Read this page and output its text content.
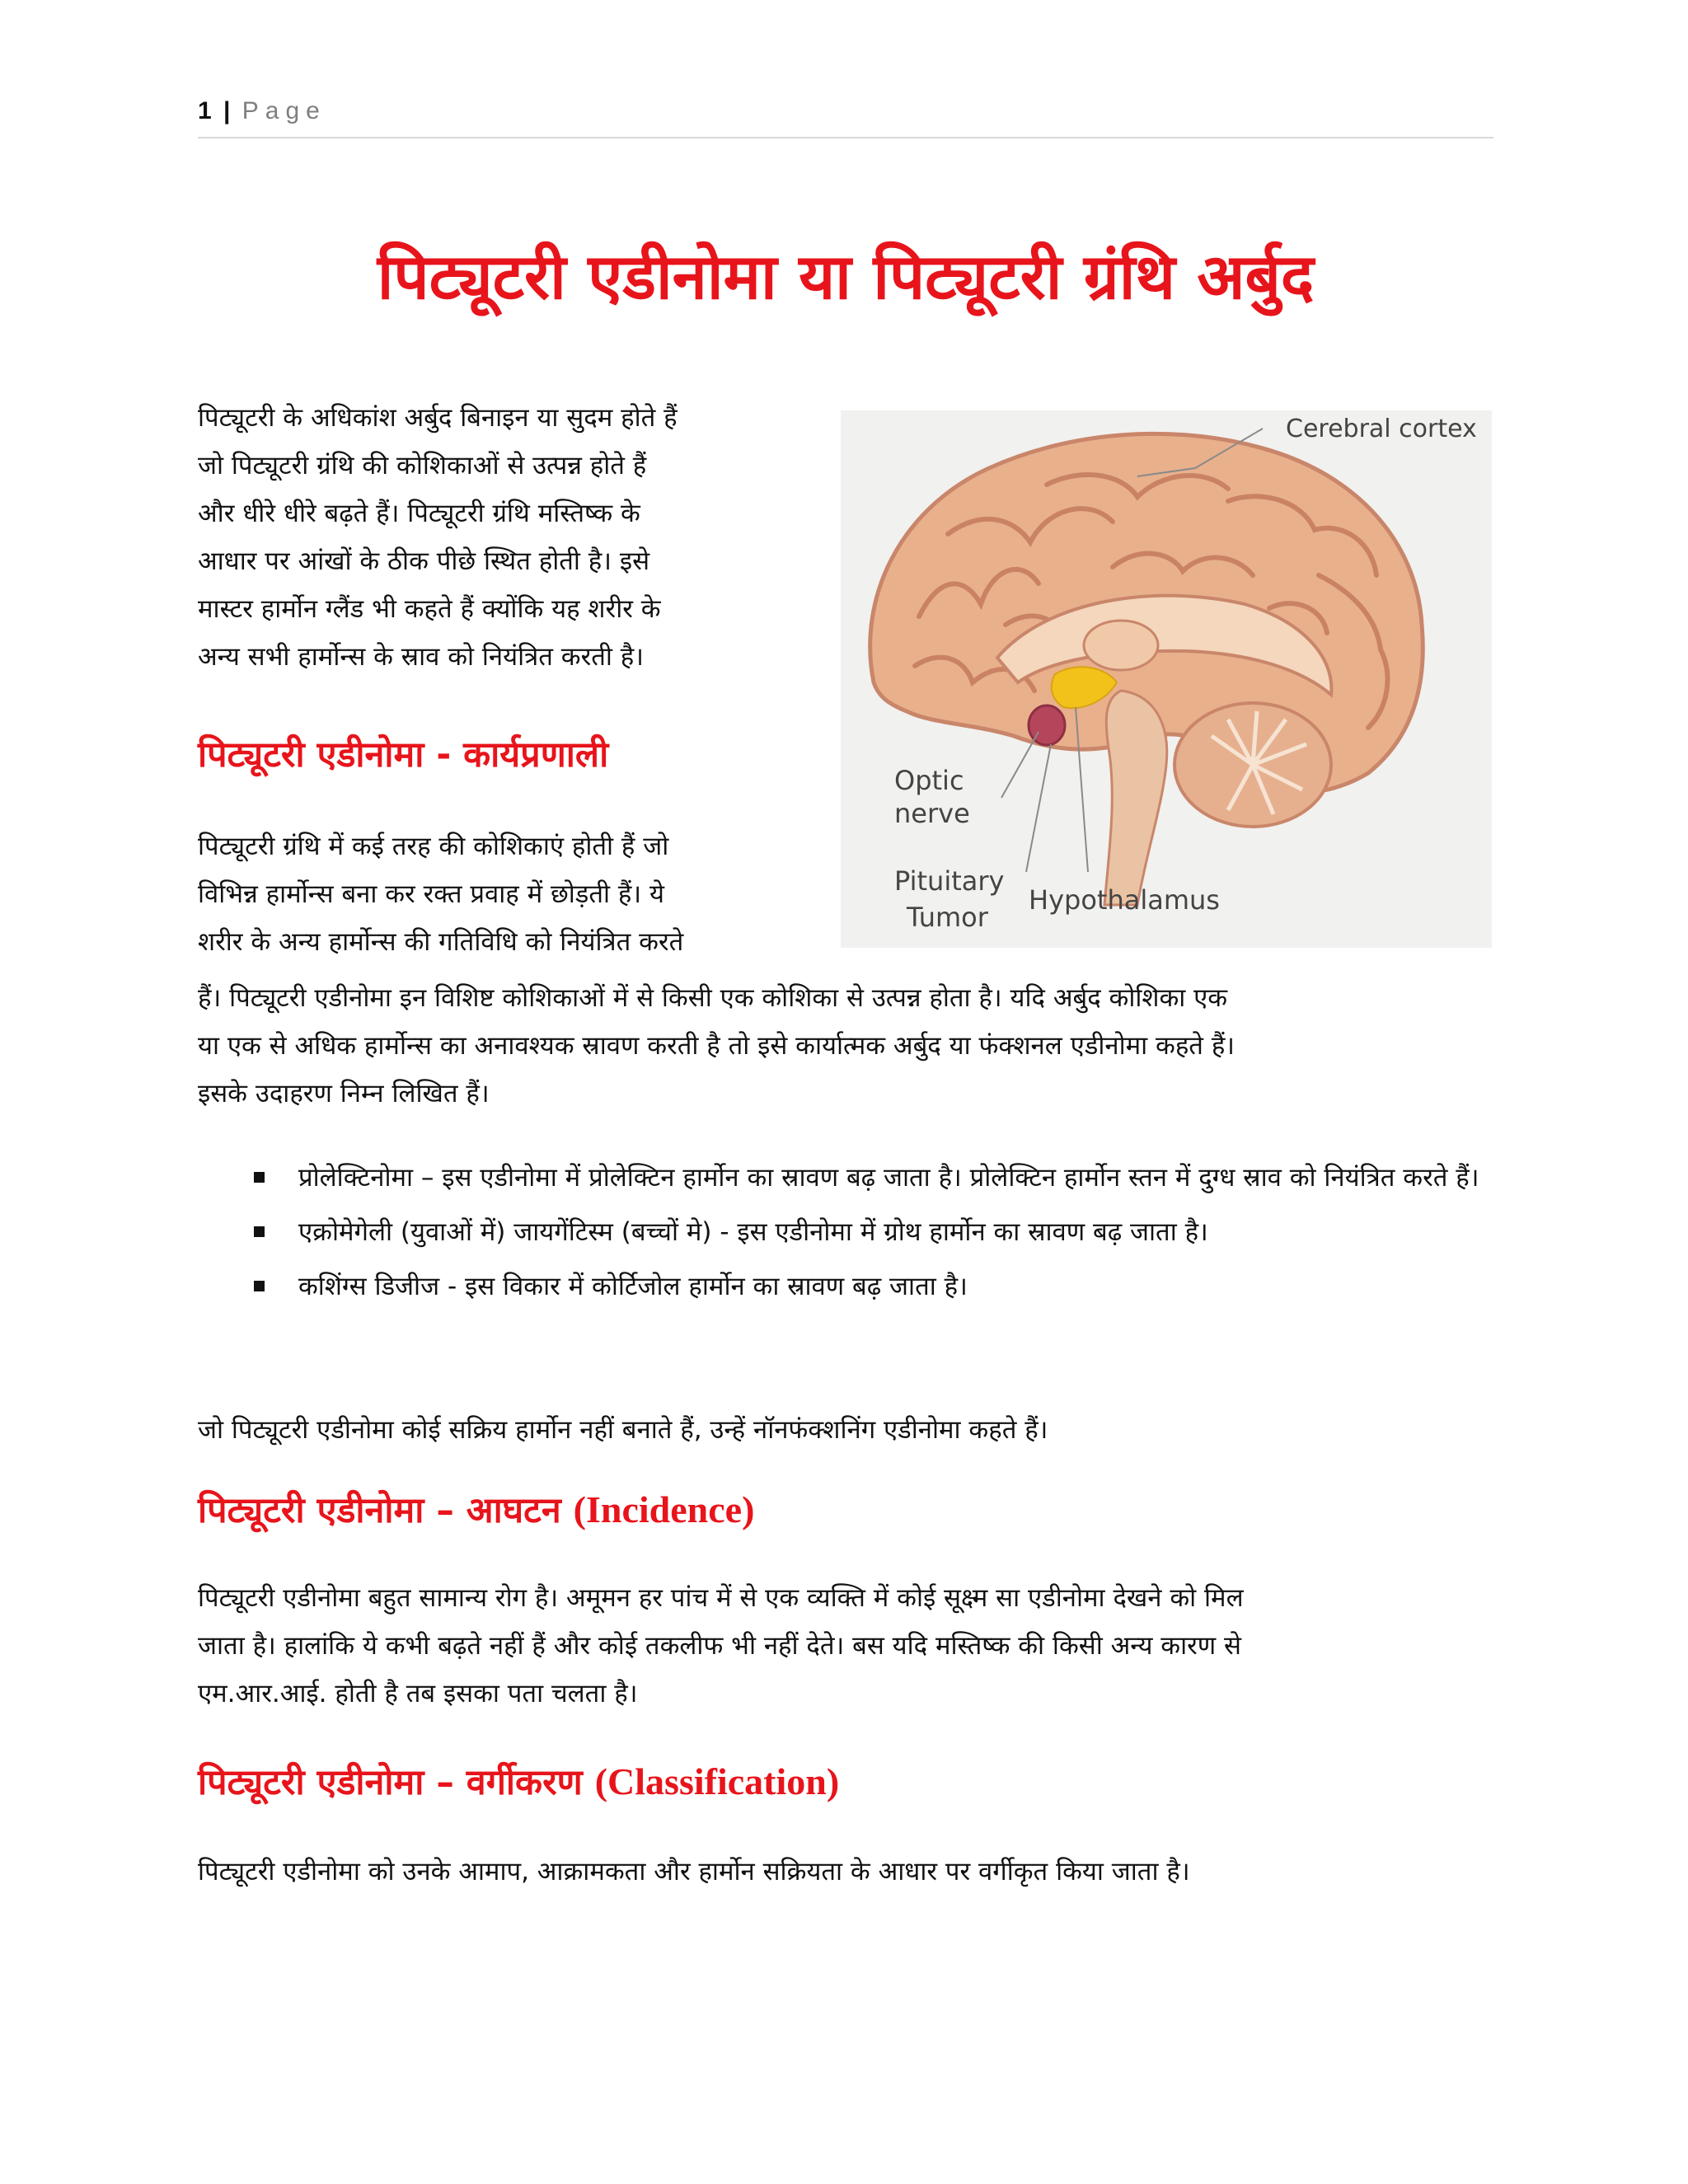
1 | Page
पिट्यूटरी एडीनोमा या पिट्यूटरी ग्रंथि अर्बुद
पिट्यूटरी के अधिकांश अर्बुद बिनाइन या सुदम होते हैं
जो पिट्यूटरी ग्रंथि की कोशिकाओं से उत्पन्न होते हैं
और धीरे धीरे बढ़ते हैं। पिट्यूटरी ग्रंथि मस्तिष्क के
आधार पर आंखों के ठीक पीछे स्थित होती है। इसे
मास्टर हार्मोन ग्लैंड भी कहते हैं क्योंकि यह शरीर के
अन्य सभी हार्मोन्स के स्राव को नियंत्रित करती है।
पिट्यूटरी एडीनोमा - कार्यप्रणाली
पिट्यूटरी ग्रंथि में कई तरह की कोशिकाएं होती हैं जो
विभिन्न हार्मोन्स बना कर रक्त प्रवाह में छोड़ती हैं। ये
शरीर के अन्य हार्मोन्स की गतिविधि को नियंत्रित करते
हैं। पिट्यूटरी एडीनोमा इन विशिष्ट कोशिकाओं में से किसी एक कोशिका से उत्पन्न होता है। यदि अर्बुद कोशिका एक
या एक से अधिक हार्मोन्स का अनावश्यक स्रावण करती है तो इसे कार्यात्मक अर्बुद या फंक्शनल एडीनोमा कहते हैं।
इसके उदाहरण निम्न लिखित हैं।
प्रोलेक्टिनोमा – इस एडीनोमा में प्रोलेक्टिन हार्मोन का स्रावण बढ़ जाता है। प्रोलेक्टिन हार्मोन स्तन में दुग्ध स्राव को नियंत्रित करते हैं।
एक्रोमेगेली (युवाओं में) जायगेंटिस्म (बच्चों मे) - इस एडीनोमा में ग्रोथ हार्मोन का स्रावण बढ़ जाता है।
कशिंग्स डिजीज - इस विकार में कोर्टिजोल हार्मोन का स्रावण बढ़ जाता है।
जो पिट्यूटरी एडीनोमा कोई सक्रिय हार्मोन नहीं बनाते हैं, उन्हें नॉनफंक्शनिंग एडीनोमा कहते हैं।
पिट्यूटरी एडीनोमा – आघटन (Incidence)
पिट्यूटरी एडीनोमा बहुत सामान्य रोग है। अमूमन हर पांच में से एक व्यक्ति में कोई सूक्ष्म सा एडीनोमा देखने को मिल
जाता है। हालांकि ये कभी बढ़ते नहीं हैं और कोई तकलीफ भी नहीं देते। बस यदि मस्तिष्क की किसी अन्य कारण से
एम.आर.आई. होती है तब इसका पता चलता है।
पिट्यूटरी एडीनोमा – वर्गीकरण (Classification)
पिट्यूटरी एडीनोमा को उनके आमाप, आक्रामकता और हार्मोन सक्रियता के आधार पर वर्गीकृत किया जाता है।
Cerebral cortex
Optic
nerve
Pituitary
Tumor
Hypothalamus
